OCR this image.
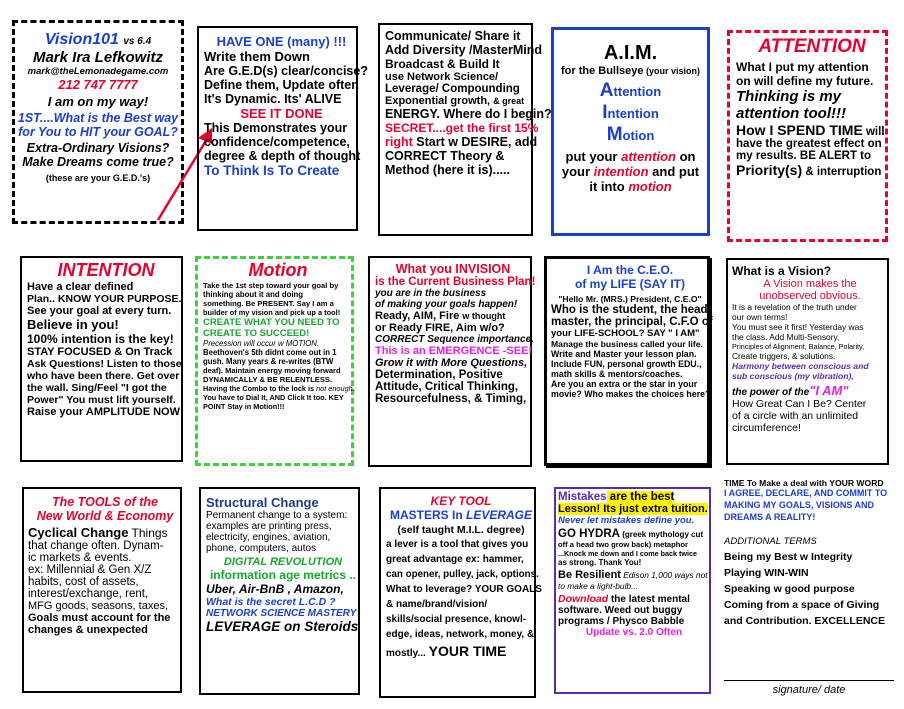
Vision101 vs 6.4
Mark Ira Lefkowitz
mark@theLemonadegame.com
212 747 7777
I am on my way!
1ST....What is the Best way
for You to HIT your GOAL?
Extra-Ordinary Visions?
Make Dreams come true?
(these are your G.E.D.'s)
HAVE ONE (many) !!!
Write them Down
Are G.E.D(s) clear/concise?
Define them, Update often
It's Dynamic. Its' ALIVE
SEE IT DONE
This Demonstrates your
confidence/competence,
degree & depth of thought
To Think Is To Create
Communicate/ Share it
Add Diversity /MasterMind
Broadcast & Build It
use Network Science/
Leverage/ Compounding
Exponential growth, & great
ENERGY. Where do I begin?
SECRET....get the first 15%
right Start w DESIRE, add
CORRECT Theory &
Method (here it is).....
A.I.M.
for the Bullseye (your vision)
Attention
Intention
Motion
put your attention on
your intention and put
it into motion
ATTENTION
What I put my attention
on will define my future.
Thinking is my
attention tool!!!
How I SPEND TIME will
have the greatest effect on
my results. BE ALERT to
Priority(s) & interruption
INTENTION
Have a clear defined
Plan.. KNOW YOUR PURPOSE.
See your goal at every turn.
Believe in you!
100% intention is the key!
STAY FOCUSED & On Track
Ask Questions! Listen to those
who have been there. Get over
the wall. Sing/Feel "I got the
Power" You must lift yourself.
Raise your AMPLITUDE NOW
Motion
Take the 1st step toward your goal by
thinking about it and doing
something. Be PRESENT. Say I am a
builder of my vision and pick up a tool!
CREATE WHAT YOU NEED TO
CREATE TO SUCCEED!
Precession will occur w MOTION.
Beethoven's 5th didnt come out in 1
gush. Many years & re-writes (BTW
deaf). Maintain energy moving forward
DYNAMICALLY & BE RELENTLESS.
Having the Combo to the lock is not enough.
You have to Dial It, AND Click It too. KEY
POINT Stay in Motion!!!
What you INVISION
is the Current Business Plan!
you are in the business
of making your goals happen!
Ready, AIM, Fire w thought
or Ready FIRE, Aim w/o?
CORRECT Sequence importance.
This is an EMERGENCE -SEE!
Grow it with More Questions,
Determination, Positive
Attitude, Critical Thinking,
Resourcefulness, & Timing,
I Am the C.E.O.
of my LIFE (SAY IT)
"Hello Mr. (MRS.) President, C.E.O"
Who is the student, the head
master, the principal, C.F.O of
your LIFE-SCHOOL? SAY " I AM"
Manage the business called your life.
Write and Master your lesson plan.
Include FUN, personal growth EDU.,
math skills & mentors/coaches.
Are you an extra or the star in your
movie? Who makes the choices here?
What is a Vision?
A Vision makes the
unobserved obvious.
It is a revelation of the truth under
our own terms!
You must see it first! Yesterday was
the class. Add Multi-Sensory,
Principles of Alignment, Balance, Polarity,
Create triggers, & solutions.
Harmony between conscious and
sub conscious (my vibration),
the power of the"I AM"
How Great Can I Be? Center
of a circle with an unlimited
circumference!
The TOOLS of the
New World & Economy
Cyclical Change Things
that change often. Dynam-
ic markets & events.
ex: Millennial & Gen X/Z
habits, cost of assets,
interest/exchange, rent,
MFG goods, seasons, taxes,
Goals must account for the
changes & unexpected
Structural Change
Permanent change to a system:
examples are printing press,
electricity, engines, aviation,
phone, computers, autos
DIGITAL REVOLUTION
information age metrics ..
Uber, Air-BnB , Amazon,
What is the secret L.C.D ?
NETWORK SCIENCE MASTERY
LEVERAGE on Steroids
KEY TOOL
MASTERS In LEVERAGE
(self taught M.I.L. degree)
a lever is a tool that gives you
great advantage ex: hammer,
can opener, pulley, jack, options.
What to leverage? YOUR GOALS
& name/brand/vision/
skills/social presence, knowl-
edge, ideas, network, money, &
mostly... YOUR TIME
Mistakes are the best
Lesson! Its just extra tuition.
Never let mistakes define you.
GO HYDRA (greek mythology cut
off a head two grow back) metaphor
...Knock me down and I come back twice
as strong. Thank You!
Be Resilient Edison 1,000 ways not
to make a light-bulb...
Download the latest mental
software. Weed out buggy
programs / Physco Babble
Update vs. 2.0 Often
TIME To Make a deal with YOUR WORD
I AGREE, DECLARE, AND COMMIT TO
MAKING MY GOALS, VISIONS AND
DREAMS A REALITY!
ADDITIONAL TERMS
Being my Best w Integrity
Playing WIN-WIN
Speaking w good purpose
Coming from a space of Giving
and Contribution. EXCELLENCE
signature/ date
